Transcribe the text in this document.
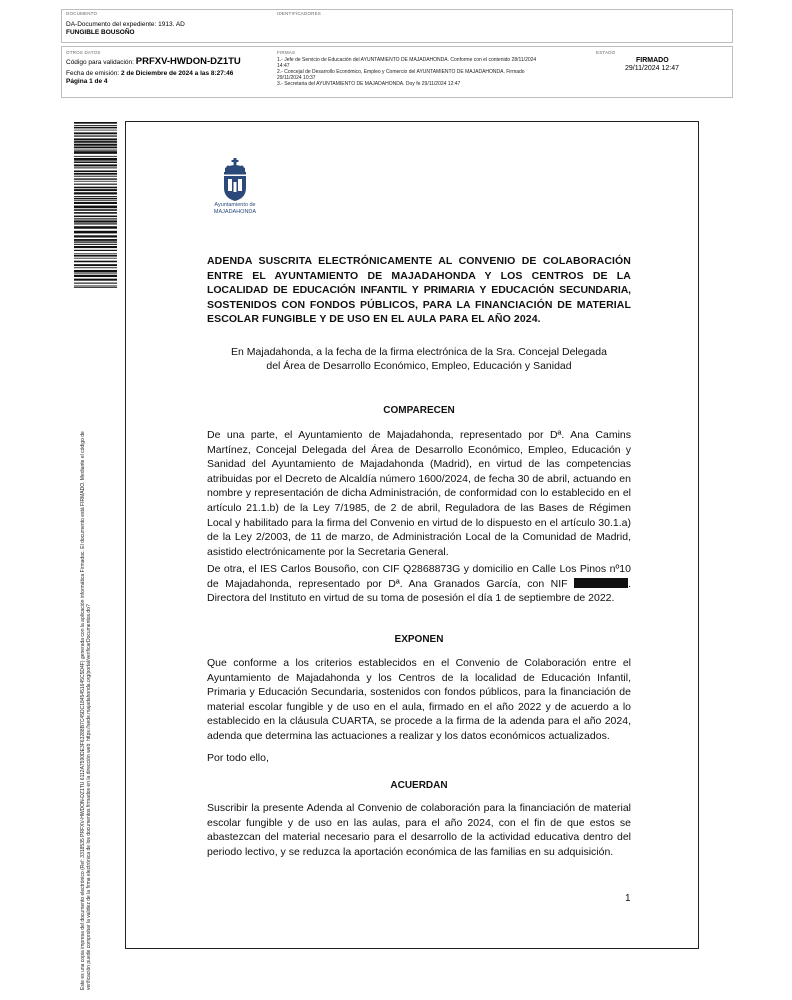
DOCUMENTO
DA-Documento del expediente: 1913. AD
FUNGIBLE BOUSOÑO
IDENTIFICADORES
OTROS DATOS
Código para validación: PRFXV-HWDON-DZ1TU
Fecha de emisión: 2 de Diciembre de 2024 a las 8:27:46
Página 1 de 4
FIRMAS
1.- Jefe de Servicio de Educación del AYUNTAMIENTO DE MAJADAHONDA. Conforme con el contenido 28/11/2024
14:47
2.- Concejal de Desarrollo Económico, Empleo y Comercio del AYUNTAMIENTO DE MAJADAHONDA. Firmado
29/11/2024 10:37
3.- Secretaria del AYUNTAMIENTO DE MAJADAHONDA. Doy fe 29/11/2024 12:47
ESTADO
FIRMADO
29/11/2024 12:47
Este es una copia impresa del documento electrónico (Ref: 3318535 PRFXV-HWDON-DZ1TU 6112A7590DE3F63288B7C45DC1845451645C5D4F) generada con la aplicación informática Firmadoc. El documento está FIRMADO. Mediante el código de verificación puede comprobar la validez de la firma electrónica de los documentos firmados en la dirección web: https://sede.majadahonda.org/portal/verificarDocumentos.do?
Ayuntamiento de
MAJADAHONDA
ADENDA SUSCRITA ELECTRÓNICAMENTE AL CONVENIO DE COLABORACIÓN
ENTRE EL AYUNTAMIENTO DE MAJADAHONDA Y LOS CENTROS DE LA
LOCALIDAD DE EDUCACIÓN INFANTIL Y PRIMARIA Y EDUCACIÓN SECUNDARIA,
SOSTENIDOS CON FONDOS PÚBLICOS, PARA LA FINANCIACIÓN DE MATERIAL
ESCOLAR FUNGIBLE Y DE USO EN EL AULA PARA EL AÑO 2024.
En Majadahonda, a la fecha de la firma electrónica de la Sra. Concejal Delegada
del Área de Desarrollo Económico, Empleo, Educación y Sanidad
COMPARECEN
De una parte, el Ayuntamiento de Majadahonda, representado por Dª. Ana Camins Martínez, Concejal Delegada del Área de Desarrollo Económico, Empleo, Educación y Sanidad del Ayuntamiento de Majadahonda (Madrid), en virtud de las competencias atribuidas por el Decreto de Alcaldía número 1600/2024, de fecha 30 de abril, actuando en nombre y representación de dicha Administración, de conformidad con lo establecido en el artículo 21.1.b) de la Ley 7/1985, de 2 de abril, Reguladora de las Bases de Régimen Local y habilitado para la firma del Convenio en virtud de lo dispuesto en el artículo 30.1.a) de la Ley 2/2003, de 11 de marzo, de Administración Local de la Comunidad de Madrid, asistido electrónicamente por la Secretaria General.
De otra, el IES Carlos Bousoño, con CIF Q2868873G y domicilio en Calle Los Pinos nº10 de Majadahonda, representado por Dª. Ana Granados García, con NIF	. Directora del Instituto en virtud de su toma de posesión el día 1 de septiembre de 2022.
EXPONEN
Que conforme a los criterios establecidos en el Convenio de Colaboración entre el Ayuntamiento de Majadahonda y los Centros de la localidad de Educación Infantil, Primaria y Educación Secundaria, sostenidos con fondos públicos, para la financiación de material escolar fungible y de uso en el aula, firmado en el año 2022 y de acuerdo a lo establecido en la cláusula CUARTA, se procede a la firma de la adenda para el año 2024, adenda que determina las actuaciones a realizar y los datos económicos actualizados.
Por todo ello,
ACUERDAN
Suscribir la presente Adenda al Convenio de colaboración para la financiación de material escolar fungible y de uso en las aulas, para el año 2024, con el fin de que estos se abastezcan del material necesario para el desarrollo de la actividad educativa dentro del periodo lectivo, y se reduzca la aportación económica de las familias en su adquisición.
1
